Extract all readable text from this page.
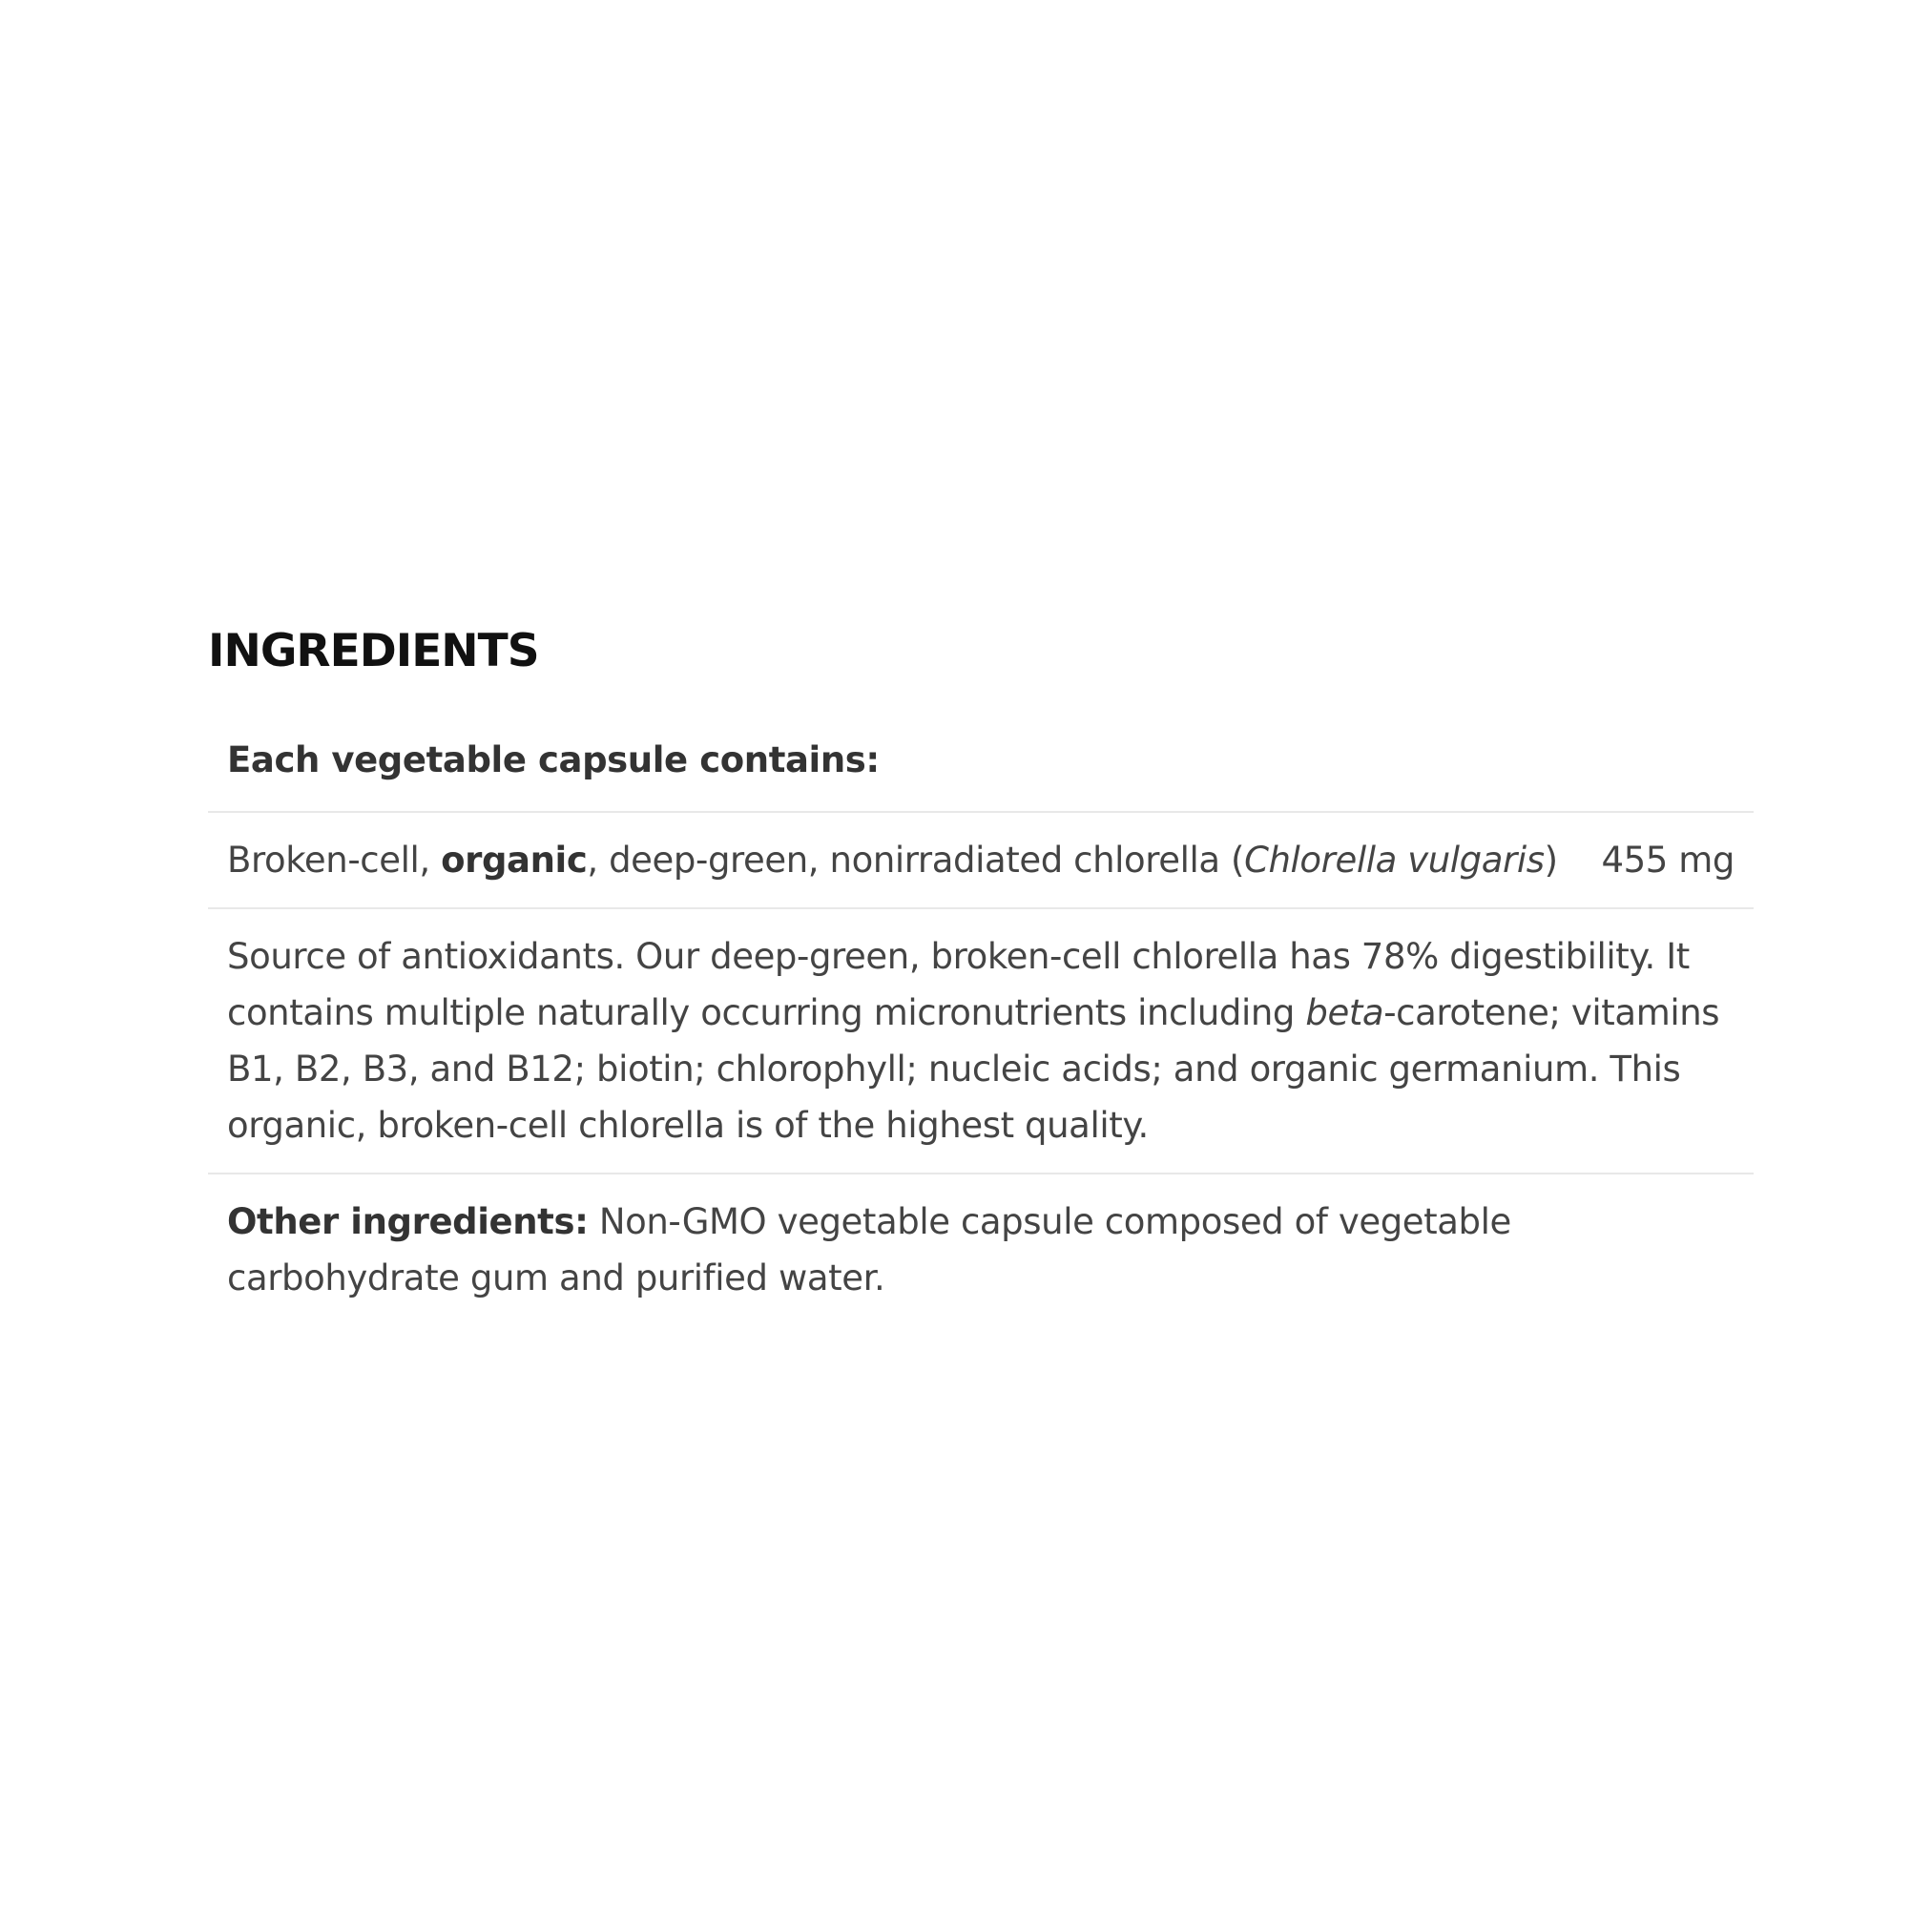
INGREDIENTS
Each vegetable capsule contains:
Broken-cell, organic, deep-green, nonirradiated chlorella (Chlorella vulgaris) 455 mg
Source of antioxidants. Our deep-green, broken-cell chlorella has 78% digestibility. It contains multiple naturally occurring micronutrients including beta-carotene; vitamins B1, B2, B3, and B12; biotin; chlorophyll; nucleic acids; and organic germanium. This organic, broken-cell chlorella is of the highest quality.
Other ingredients: Non-GMO vegetable capsule composed of vegetable carbohydrate gum and purified water.
